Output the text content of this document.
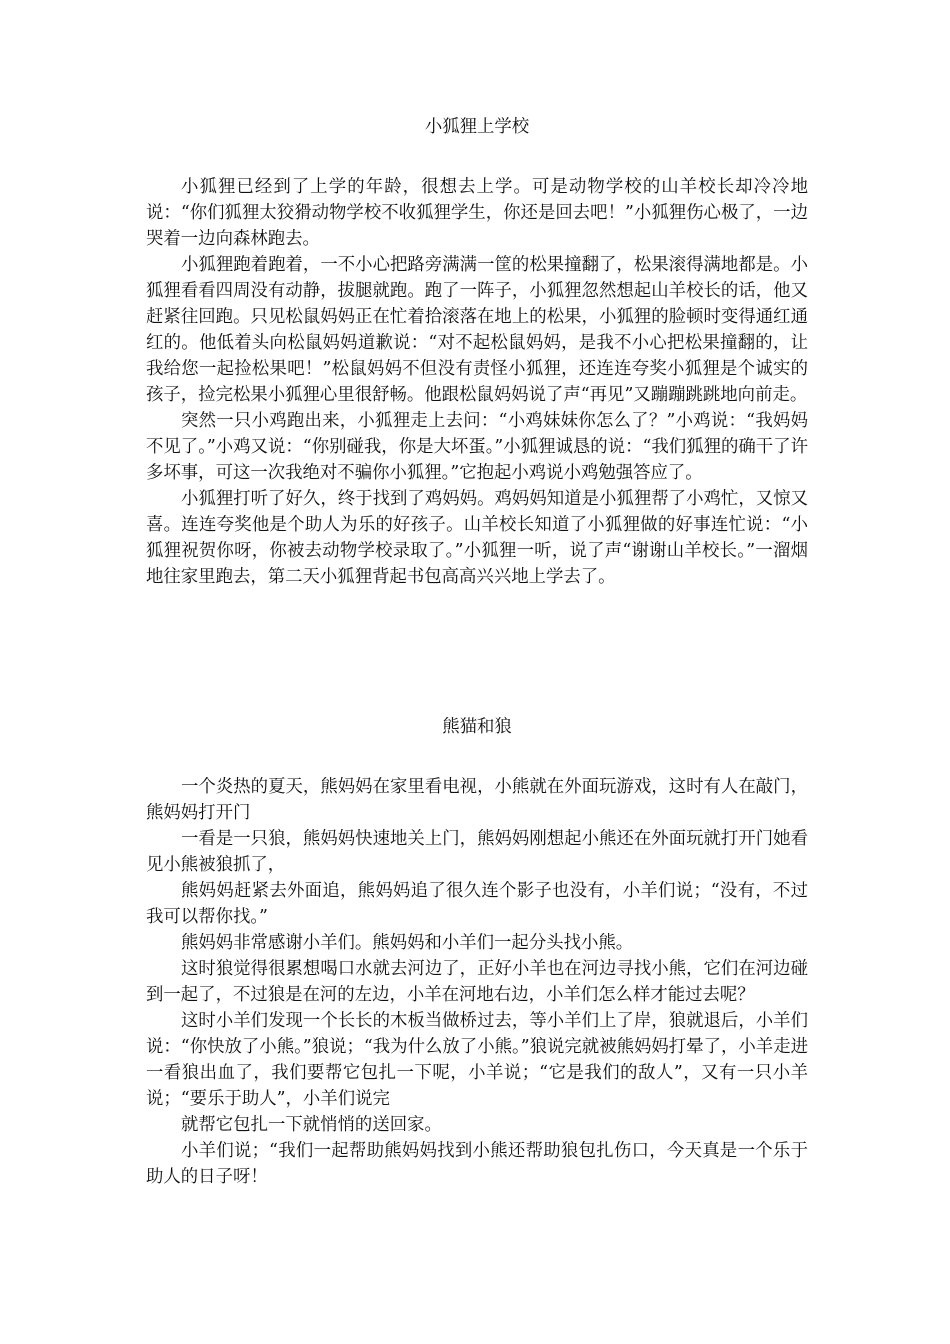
小狐狸上学校

小狐狸已经到了上学的年龄，很想去上学。可是动物学校的山羊校长却冷冷地说：“你们狐狸太狡猾动物学校不收狐狸学生，你还是回去吧！”小狐狸伤心极了，一边哭着一边向森林跑去。

小狐狸跑着跑着，一不小心把路旁满满一筐的松果撞翻了，松果滚得满地都是。小狐狸看看四周没有动静，拔腿就跑。跑了一阵子，小狐狸忽然想起山羊校长的话，他又赶紧往回跑。只见松鼠妈妈正在忙着拾滚落在地上的松果，小狐狸的脸顿时变得通红通红的。他低着头向松鼠妈妈道歉说：“对不起松鼠妈妈，是我不小心把松果撞翻的，让我给您一起捡松果吧！”松鼠妈妈不但没有责怪小狐狸，还连连夸奖小狐狸是个诚实的孩子，捡完松果小狐狸心里很舒畅。他跟松鼠妈妈说了声“再见”又蹦蹦跳跳地向前走。

突然一只小鸡跑出来，小狐狸走上去问：“小鸡妹妹你怎么了？”小鸡说：“我妈妈不见了。”小鸡又说：“你别碰我，你是大坏蛋。”小狐狸诚恳的说：“我们狐狸的确干了许多坏事，可这一次我绝对不骗你小狐狸。”它抱起小鸡说小鸡勉强答应了。

小狐狸打听了好久，终于找到了鸡妈妈。鸡妈妈知道是小狐狸帮了小鸡忙，又惊又喜。连连夸奖他是个助人为乐的好孩子。山羊校长知道了小狐狸做的好事连忙说：“小狐狸祝贺你呀，你被去动物学校录取了。”小狐狸一听，说了声“谢谢山羊校长。”一溜烟地往家里跑去，第二天小狐狸背起书包高高兴兴地上学去了。

熊猫和狼

一个炎热的夏天，熊妈妈在家里看电视，小熊就在外面玩游戏，这时有人在敲门，熊妈妈打开门

一看是一只狼，熊妈妈快速地关上门，熊妈妈刚想起小熊还在外面玩就打开门她看见小熊被狼抓了，

熊妈妈赶紧去外面追，熊妈妈追了很久连个影子也没有，小羊们说；“没有，不过我可以帮你找。”

熊妈妈非常感谢小羊们。熊妈妈和小羊们一起分头找小熊。

这时狼觉得很累想喝口水就去河边了，正好小羊也在河边寻找小熊，它们在河边碰到一起了，不过狼是在河的左边，小羊在河地右边，小羊们怎么样才能过去呢？

这时小羊们发现一个长长的木板当做桥过去，等小羊们上了岸，狼就退后，小羊们说：“你快放了小熊。”狼说；“我为什么放了小熊。”狼说完就被熊妈妈打晕了，小羊走进一看狼出血了，我们要帮它包扎一下呢，小羊说；“它是我们的敌人”，又有一只小羊说；“要乐于助人”，小羊们说完

就帮它包扎一下就悄悄的送回家。

小羊们说；“我们一起帮助熊妈妈找到小熊还帮助狼包扎伤口，今天真是一个乐于助人的日子呀！
